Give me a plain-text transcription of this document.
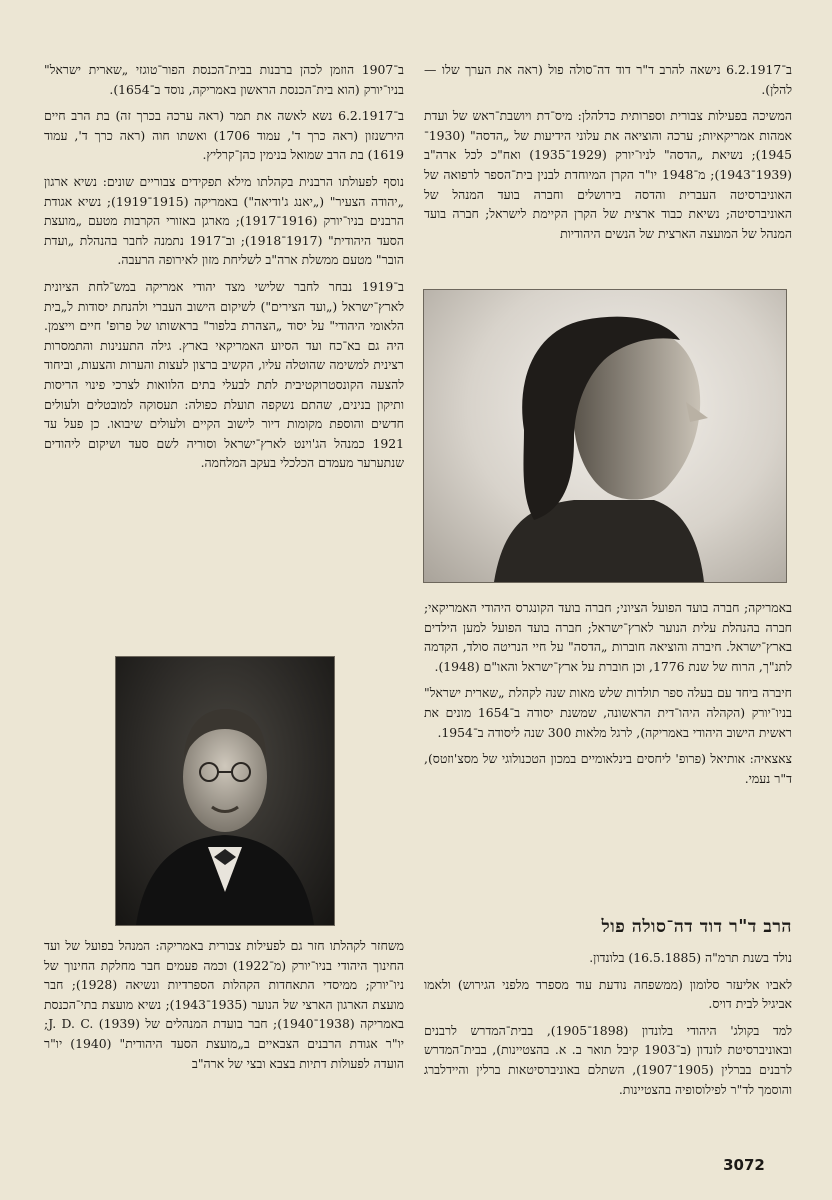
ב־1907 הוזמן לכהן ברבנות בבית־הכנסת הפור־טוגזי „שארית ישראל" בניו־יורק (הוא בית־הכנסת הראשון באמריקה, נוסד ב־1654).

ב־6.2.1917 נשא לאשה את תמר (ראה ערכה בכרך זה) בת הרב חיים הירשנזון (ראה כרך ד', עמוד 1706) ואשתו חוה (ראה כרך ד', עמוד 1619) בת הרב שמואל בנימין כהן־קרליץ.

נוסף לפעולתו הרבנית בקהלתו מילא תפקידים צבוריים שונים: נשיא ארגון „יהודה הצעיר" („יאנג ג'ודיאה") באמריקה (1915־1919); נשיא אגודת הרבנים בניו־יורק (1916־1917); מארגן באזורי הקרבות מטעם „מועצת הסעד היהודית" (1917־1918); וב־1917 נתמנה לחבר בהנהלת „ועדת הובר" מטעם ממשלת ארה"ב לשליחת מזון לאירופה הרעבה.

ב־1919 נבחר לחבר שלישי מצד יהודי אמריקה במש־לחת הציונית לארץ־ישראל („ועד הצירים") לשיקום הישוב העברי ולהנחת יסודות ל„בית הלאומי היהודי" על יסוד „הצהרת בלפור" בראשותו של פרופ' חיים וייצמן. היה גם בא־כח ועד הסיוע האמריקאי בארץ. גילה התענינות והתמסרות רצינית למשימה שהוטלה עליו, הקשיב ברצון לעצות והערות והצעות, וביחוד להצעה הקונסטרוקטיבית לתת לבעלי בתים הלוואות לצרכי פינוי הריסות ותיקון בנינים, שהתם נשקפה תועלת כפולה: תעסוקה למובטלים ולעולים חדשים והוספת מקומות דיור לישוב הקיים ולעולים שיבואו. כן פעל עד 1921 כמנהל הג'וינט לארץ־ישראל וסוריה לשם סעד ושיקום ליהודים שנתערער מעמדם הכלכלי בעקב המלחמה.

משחזר לקהלתו חזר גם לפעילות צבורית באמריקה: המנהל בפועל של ועד החינוך היהודי בניו־יורק (מ־1922) וכמה פעמים חבר מחלקת החינוך של ניו־יורק; ממיסדי התאחדות הקהלות הספרדיות ונשיאה (1928); חבר מועצת הארגון הארצי של הנוער (1935־1943); נשיא מועצת בתי־הכנסת באמריקה (1938־1940); חבר בועדת המנהלים של J. D. C. (1939); יו"ר אגודת הרבנים הצבאיים ב„מועצת הסעד היהודית" (1940) יו"ר הועדה לפעולות דתיות בצבא ובצי של ארה"ב

ב־6.2.1917 נישאה להרב ד"ר דוד דה־סולה פול (ראה את הערך שלו — להלן).

המשיכה בפעילות צבורית וספרותית כדלהלן: מיס־דת ויושבת־ראש של ועדת אמהות אמריקאיות; ערכה והוציאה את עלוני הידיעות של „הדסה" (1930־1945); נשיאת „הדסה" לניו־יורק (1929־1935) ואח"כ לכל ארה"ב (1939־1943); מ־1948 יו"ר הקרן המיוחדת לבנין בית־הספר לרפואה של האוניברסיטה העברית והדסה בירושלים וחברה בועד המנהל של האוניברסיטה; נשיאת כבוד ארצית של הקרן הקיימת לישראל; חברה בועד המנהל של המועצה הארצית של הנשים היהודיות

באמריקה; חברה בועד הפועל הציוני; חברה בועד הקונגרס היהודי האמריקאי; חברה בהנהלת עלית הנוער לארץ־ישראל; חברה בועד הפועל למען הילדים בארץ־ישראל. חיברה והוציאה חוברות „הדסה" על חיי הנריטה סולד, הקדמה לתנ"ך, הרוח של שנת 1776, וכן חוברת על ארץ־ישראל והאו"ם (1948).

חיברה ביחד עם בעלה ספר תולדות שלש מאות שנה לקהלת „שארית ישראל" בניו־יורק (הקהלה היהו־דית הראשונה, שמשנת יסודה ב־1654 מונים את ראשית הישוב היהודי באמריקה), לרגל מלאות 300 שנה ליסודה ב־1954.

צאצאיה: אותיאל (פרופ' ליחסים בינלאומיים במכון הטכנולוגי של מסצ'וזטס), ד"ר נעמי.

הרב ד"ר דוד דה־סולה פול

נולד בשנת תרמ"ה (16.5.1885) בלונדון.

לאביו אליעזר סלומון (ממשפחה נודעת עוד מספרד מלפני הגירוש) ולאמו אביגיל לבית דויס.

למד בקולג' היהודי בלונדון (1898־1905), בבית־המדרש לרבנים ובאוניברסיטת לונדון (ב־1903 קיבל תואר ב. א. בהצטיינות), בבית־המדרש לרבנים בברלין (1905־1907), השתלם באוניברסיטאות ברלין והיידלברג והוסמך לד"ר לפילוסופיה בהצטיינות.

3072
